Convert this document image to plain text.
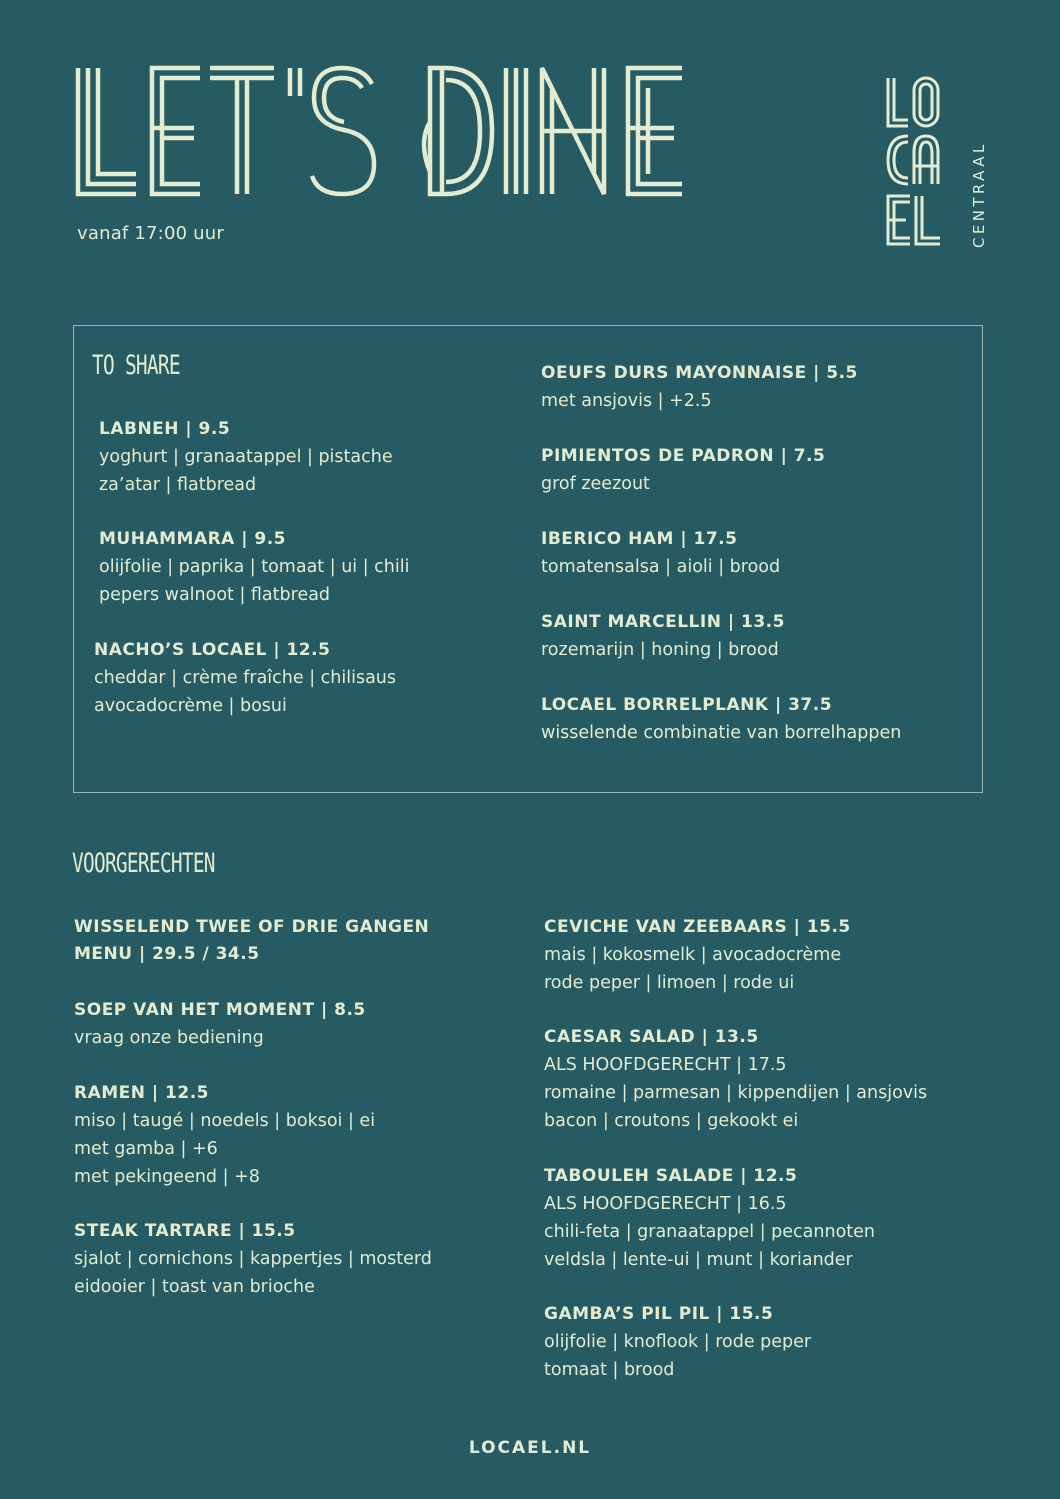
vanaf 17:00 uur	CENTRAAL
TO SHARE
LABNEH | 9.5
yoghurt | granaatappel | pistache
za’atar | flatbread
MUHAMMARA | 9.5
olijfolie | paprika | tomaat | ui | chili
pepers walnoot | flatbread
NACHO’S LOCAEL | 12.5
cheddar | crème fraîche | chilisaus
avocadocrème | bosui
OEUFS DURS MAYONNAISE | 5.5
met ansjovis | +2.5
PIMIENTOS DE PADRON | 7.5
grof zeezout
IBERICO HAM | 17.5
tomatensalsa | aioli | brood
SAINT MARCELLIN | 13.5
rozemarijn | honing | brood
LOCAEL BORRELPLANK | 37.5
wisselende combinatie van borrelhappen
VOORGERECHTEN
WISSELEND TWEE OF DRIE GANGEN
MENU | 29.5 / 34.5
SOEP VAN HET MOMENT | 8.5
vraag onze bediening
RAMEN | 12.5
miso | taugé | noedels | boksoi | ei
met gamba | +6
met pekingeend | +8
STEAK TARTARE | 15.5
sjalot | cornichons | kappertjes | mosterd
eidooier | toast van brioche
CEVICHE VAN ZEEBAARS | 15.5
mais | kokosmelk | avocadocrème
rode peper | limoen | rode ui
CAESAR SALAD | 13.5
ALS HOOFDGERECHT | 17.5
romaine | parmesan | kippendijen | ansjovis
bacon | croutons | gekookt ei
TABOULEH SALADE | 12.5
ALS HOOFDGERECHT | 16.5
chili-feta | granaatappel | pecannoten
veldsla | lente-ui | munt | koriander
GAMBA’S PIL PIL | 15.5
olijfolie | knoflook | rode peper
tomaat | brood
LOCAEL.NL
